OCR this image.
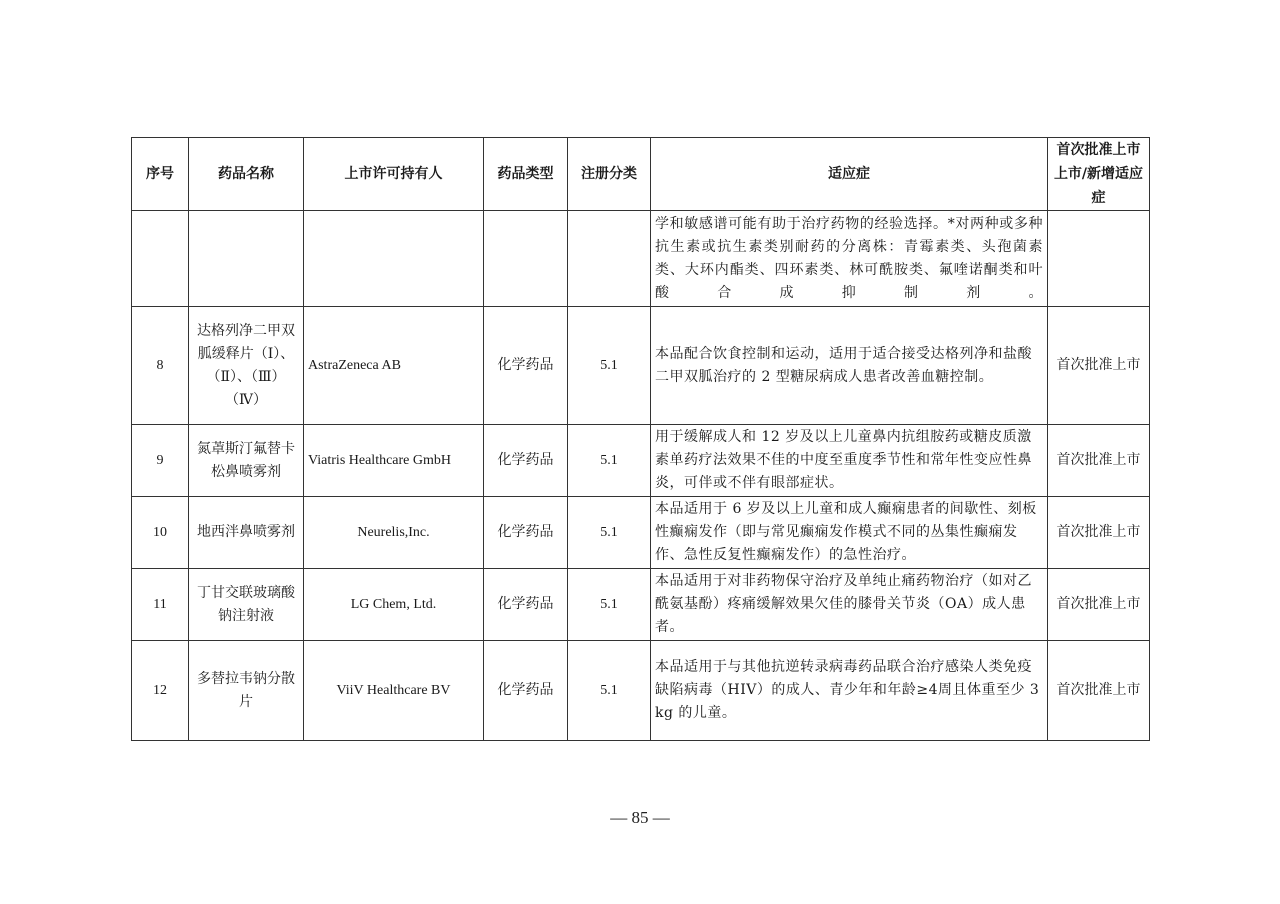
序号	药品名称	上市许可持有人	药品类型	注册分类	适应症	首次批准上市上市/新增适应症
					学和敏感谱可能有助于治疗药物的经验选择。*对两种或多种抗生素或抗生素类别耐药的分离株：青霉素类、头孢菌素类、大环内酯类、四环素类、林可酰胺类、氟喹诺酮类和叶酸合成抑制剂。	
8	达格列净二甲双胍缓释片（Ⅰ）、（Ⅱ）、（Ⅲ）（Ⅳ）	AstraZeneca AB	化学药品	5.1	本品配合饮食控制和运动，适用于适合接受达格列净和盐酸二甲双胍治疗的 2 型糖尿病成人患者改善血糖控制。	首次批准上市
9	氮䓬斯汀氟替卡松鼻喷雾剂	Viatris Healthcare GmbH	化学药品	5.1	用于缓解成人和 12 岁及以上儿童鼻内抗组胺药或糖皮质激素单药疗法效果不佳的中度至重度季节性和常年性变应性鼻炎，可伴或不伴有眼部症状。	首次批准上市
10	地西泮鼻喷雾剂	Neurelis,Inc.	化学药品	5.1	本品适用于 6 岁及以上儿童和成人癫痫患者的间歇性、刻板性癫痫发作（即与常见癫痫发作模式不同的丛集性癫痫发作、急性反复性癫痫发作）的急性治疗。	首次批准上市
11	丁甘交联玻璃酸钠注射液	LG Chem, Ltd.	化学药品	5.1	本品适用于对非药物保守治疗及单纯止痛药物治疗（如对乙酰氨基酚）疼痛缓解效果欠佳的膝骨关节炎（OA）成人患者。	首次批准上市
12	多替拉韦钠分散片	ViiV Healthcare BV	化学药品	5.1	本品适用于与其他抗逆转录病毒药品联合治疗感染人类免疫缺陷病毒（HIV）的成人、青少年和年龄≥4周且体重至少 3 kg 的儿童。	首次批准上市
— 85 —
